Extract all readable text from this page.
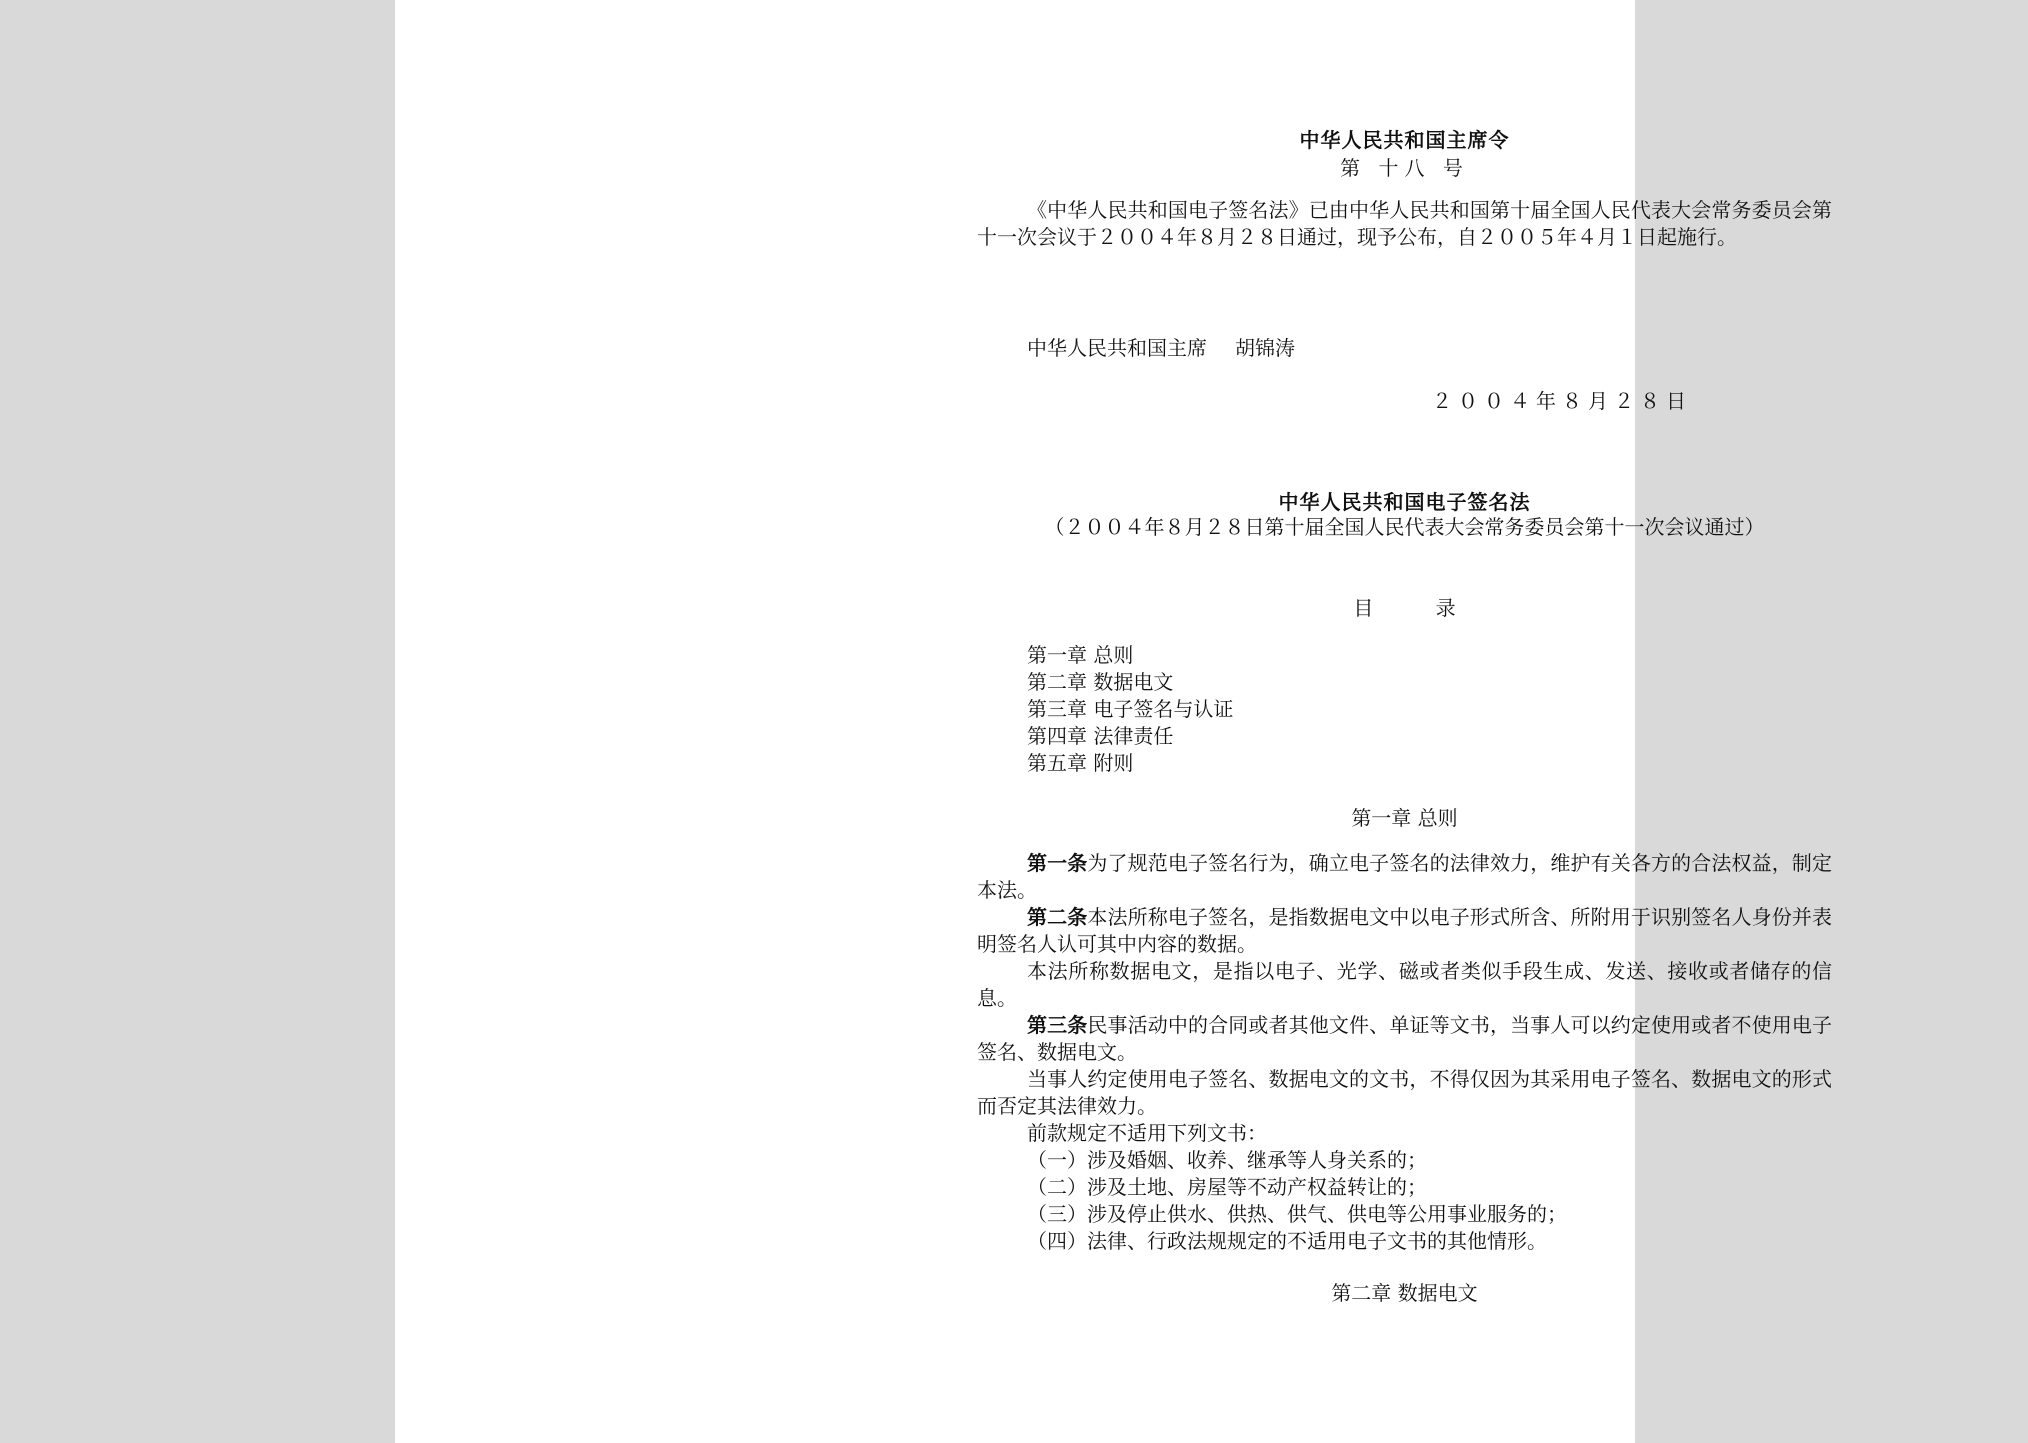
中华人民共和国主席令
第 十八 号

《中华人民共和国电子签名法》已由中华人民共和国第十届全国人民代表大会常务委员会第十一次会议于２００４年８月２８日通过，现予公布，自２００５年４月１日起施行。

中华人民共和国主席 胡锦涛
２００４年８月２８日
中华人民共和国电子签名法
（２００４年８月２８日第十届全国人民代表大会常务委员会第十一次会议通过）
目 录
第一章 总则
第二章 数据电文
第三章 电子签名与认证
第四章 法律责任
第五章 附则
第一章 总则

第一条为了规范电子签名行为，确立电子签名的法律效力，维护有关各方的合法权益，制定本法。

第二条本法所称电子签名，是指数据电文中以电子形式所含、所附用于识别签名人身份并表明签名人认可其中内容的数据。

本法所称数据电文，是指以电子、光学、磁或者类似手段生成、发送、接收或者储存的信息。

第三条民事活动中的合同或者其他文件、单证等文书，当事人可以约定使用或者不使用电子签名、数据电文。

当事人约定使用电子签名、数据电文的文书，不得仅因为其采用电子签名、数据电文的形式而否定其法律效力。

前款规定不适用下列文书：

（一）涉及婚姻、收养、继承等人身关系的；
（二）涉及土地、房屋等不动产权益转让的；
（三）涉及停止供水、供热、供气、供电等公用事业服务的；
（四）法律、行政法规规定的不适用电子文书的其他情形。
第二章 数据电文
